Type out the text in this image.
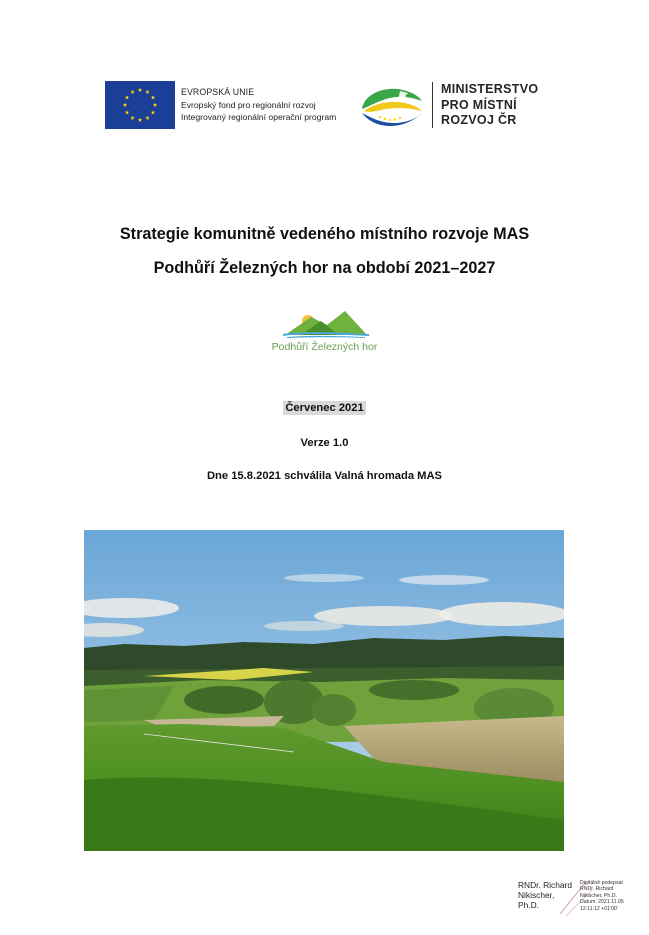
EVROPSKÁ UNIE
Evropský fond pro regionální rozvoj
Integrovaný regionální operační program
MINISTERSTVO
PRO MÍSTNÍ
ROZVOJ ČR
Strategie komunitně vedeného místního rozvoje MAS
Podhůří Železných hor na období 2021–2027
Podhůří Železných hor
Červenec 2021
Verze 1.0
Dne 15.8.2021 schválila Valná hromada MAS
RNDr. Richard
Nikischer,
Ph.D.
Digitálně podepsal
RNDr. Richard
Nikischer, Ph.D.
Datum: 2021.11.05
12:11:12 +01'00'
